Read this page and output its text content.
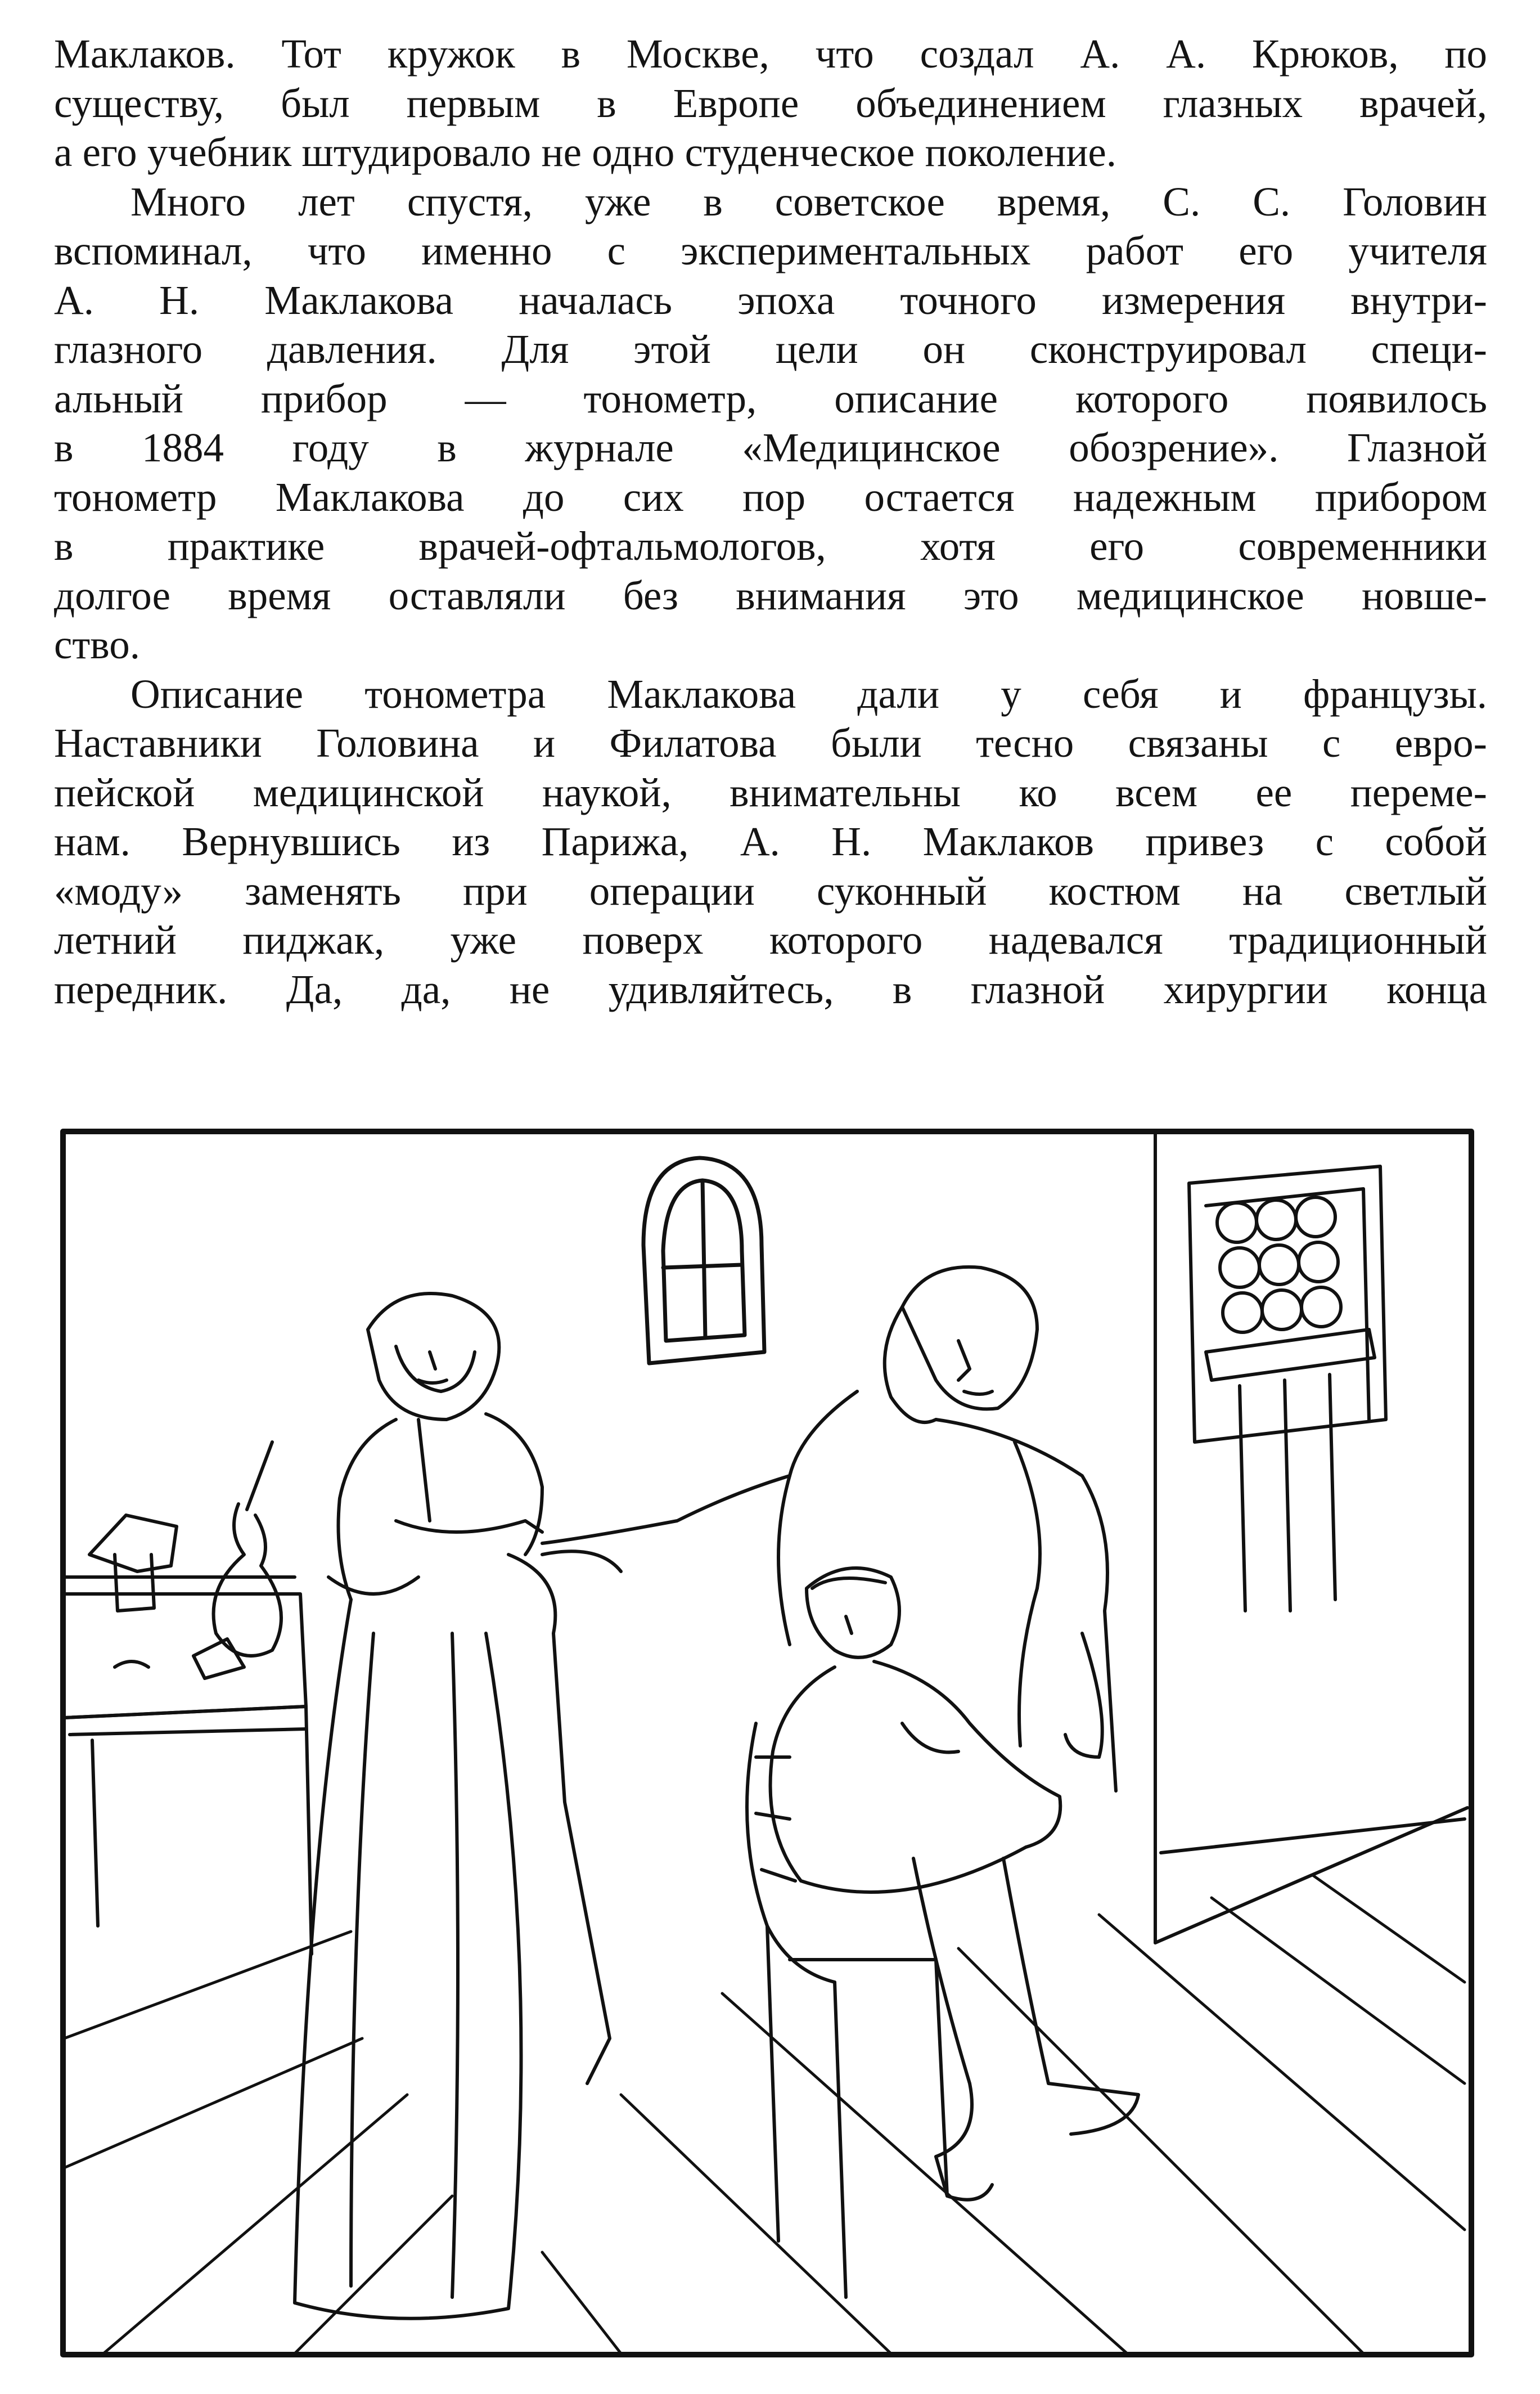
Маклаков. Тот кружок в Москве, что создал А. А. Крюков, по
существу, был первым в Европе объединением глазных врачей,
а его учебник штудировало не одно студенческое поколение.

Много лет спустя, уже в советское время, С. С. Головин
вспоминал, что именно с экспериментальных работ его учителя
А. Н. Маклакова началась эпоха точного измерения внутри-
глазного давления. Для этой цели он сконструировал специ-
альный прибор — тонометр, описание которого появилось
в 1884 году в журнале «Медицинское обозрение». Глазной
тонометр Маклакова до сих пор остается надежным прибором
в практике врачей-офтальмологов, хотя его современники
долгое время оставляли без внимания это медицинское новше-
ство.

Описание тонометра Маклакова дали у себя и французы.
Наставники Головина и Филатова были тесно связаны с евро-
пейской медицинской наукой, внимательны ко всем ее переме-
нам. Вернувшись из Парижа, А. Н. Маклаков привез с собой
«моду» заменять при операции суконный костюм на светлый
летний пиджак, уже поверх которого надевался традиционный
передник. Да, да, не удивляйтесь, в глазной хирургии конца
